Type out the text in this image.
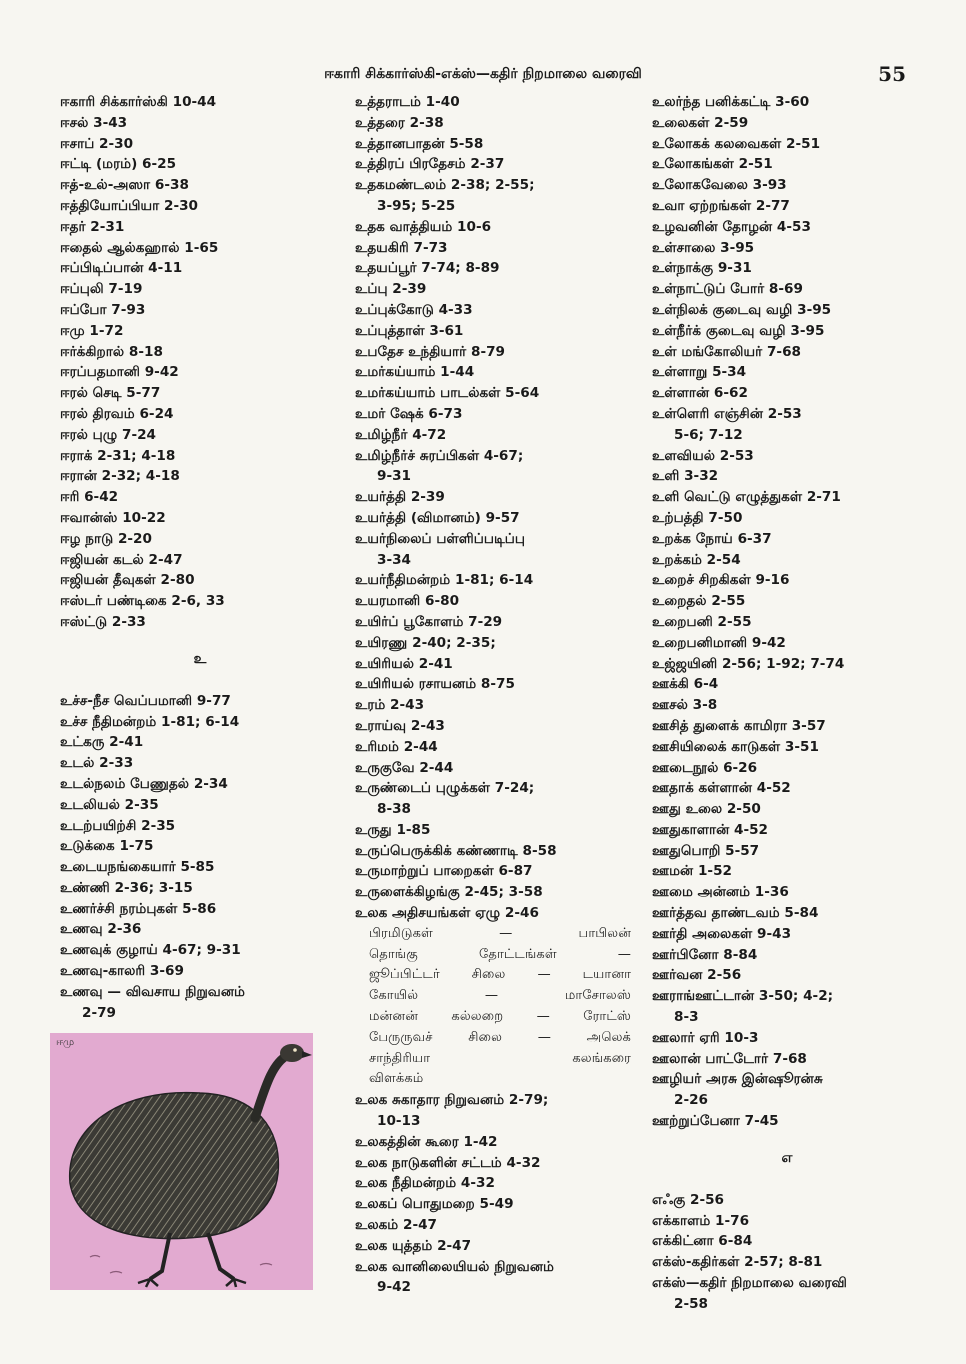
ஈகாரி சிக்கார்ஸ்கி-எக்ஸ்—கதிர் நிறமாலை வரைவி	55

ஈகாரி சிக்கார்ஸ்கி 10-44

ஈசல் 3-43

ஈசாப் 2-30

ஈட்டி (மரம்) 6-25

ஈத்-உல்-அஸா 6-38

ஈத்தியோப்பியா 2-30

ஈதர் 2-31

ஈதைல் ஆல்கஹால் 1-65

ஈப்பிடிப்பான் 4-11

ஈப்புலி 7-19

ஈப்போ 7-93

ஈமு 1-72

ஈர்க்கிறால் 8-18

ஈரப்பதமானி 9-42

ஈரல் செடி 5-77

ஈரல் திரவம் 6-24

ஈரல் புழு 7-24

ஈராக் 2-31; 4-18

ஈரான் 2-32; 4-18

ஈரி 6-42

ஈவான்ஸ் 10-22

ஈழ நாடு 2-20

ஈஜியன் கடல் 2-47

ஈஜியன் தீவுகள் 2-80

ஈஸ்டர் பண்டிகை 2-6, 33

ஈஸ்ட்டு 2-33

உ

உச்ச-நீச வெப்பமானி 9-77

உச்ச நீதிமன்றம் 1-81; 6-14

உட்கரு 2-41

உடல் 2-33

உடல்நலம் பேணுதல் 2-34

உடலியல் 2-35

உடற்பயிற்சி 2-35

உடுக்கை 1-75

உடையநங்கையார் 5-85

உண்ணி 2-36; 3-15

உணர்ச்சி நரம்புகள் 5-86

உணவு 2-36

உணவுக் குழாய் 4-67; 9-31

உணவு-காலரி 3-69

உணவு — விவசாய நிறுவனம்
2-79

ஈமு

உத்தராடம் 1-40

உத்தரை 2-38

உத்தானபாதன் 5-58

உத்திரப் பிரதேசம் 2-37

உதகமண்டலம் 2-38; 2-55;

3-95; 5-25

உதக வாத்தியம் 10-6

உதயகிரி 7-73

உதயப்பூர் 7-74; 8-89

உப்பு 2-39

உப்புக்கோடு 4-33

உப்புத்தாள் 3-61

உபதேச உந்தியார் 8-79

உமர்கய்யாம் 1-44

உமர்கய்யாம் பாடல்கள் 5-64

உமர் ஷேக் 6-73

உமிழ்நீர் 4-72

உமிழ்நீர்ச் சுரப்பிகள் 4-67;

9-31

உயர்த்தி 2-39

உயர்த்தி (விமானம்) 9-57

உயர்நிலைப் பள்ளிப்படிப்பு

3-34

உயர்நீதிமன்றம் 1-81; 6-14

உயரமானி 6-80

உயிர்ப் பூகோளம் 7-29

உயிரணு 2-40; 2-35;

உயிரியல் 2-41

உயிரியல் ரசாயனம் 8-75

உரம் 2-43

உராய்வு 2-43

உரிமம் 2-44

உருகுவே 2-44

உருண்டைப் புழுக்கள் 7-24;

8-38

உருது 1-85

உருப்பெருக்கிக் கண்ணாடி 8-58

உருமாற்றுப் பாறைகள் 6-87

உருளைக்கிழங்கு 2-45; 3-58

உலக அதிசயங்கள் ஏழு 2-46

பிரமிடுகள் — பாபிலன்
தொங்கு தோட்டங்கள் —
ஜூப்பிட்டர் சிலை — டயானா
கோயில் — மாசோலஸ்
மன்னன் கல்லறை — ரோட்ஸ்
பேருருவச் சிலை — அலெக்
சாந்திரியா கலங்கரை
விளக்கம்

உலக சுகாதார நிறுவனம் 2-79;

10-13

உலகத்தின் கூரை 1-42

உலக நாடுகளின் சட்டம் 4-32

உலக நீதிமன்றம் 4-32

உலகப் பொதுமறை 5-49

உலகம் 2-47

உலக யுத்தம் 2-47

உலக வானிலையியல் நிறுவனம்

9-42

உலர்ந்த பனிக்கட்டி 3-60

உலைகள் 2-59

உலோகக் கலவைகள் 2-51

உலோகங்கள் 2-51

உலோகவேலை 3-93

உவா ஏற்றங்கள் 2-77

உழவனின் தோழன் 4-53

உள்சாலை 3-95

உள்நாக்கு 9-31

உள்நாட்டுப் போர் 8-69

உள்நிலக் குடைவு வழி 3-95

உள்நீர்க் குடைவு வழி 3-95

உள் மங்கோலியர் 7-68

உள்ளாறு 5-34

உள்ளான் 6-62

உள்ளெரி எஞ்சின் 2-53

5-6; 7-12

உளவியல் 2-53

உளி 3-32

உளி வெட்டு எழுத்துகள் 2-71

உற்பத்தி 7-50

உறக்க நோய் 6-37

உறக்கம் 2-54

உறைச் சிறகிகள் 9-16

உறைதல் 2-55

உறைபனி 2-55

உறைபனிமானி 9-42

உஜ்ஜயினி 2-56; 1-92; 7-74

ஊக்கி 6-4

ஊசல் 3-8

ஊசித் துளைக் காமிரா 3-57

ஊசியிலைக் காடுகள் 3-51

ஊடைநூல் 6-26

ஊதாக் கள்ளான் 4-52

ஊது உலை 2-50

ஊதுகாளான் 4-52

ஊதுபொறி 5-57

ஊமன் 1-52

ஊமை அன்னம் 1-36

ஊர்த்தவ தாண்டவம் 5-84

ஊர்தி அலைகள் 9-43

ஊர்பினோ 8-84

ஊர்வன 2-56

ஊராங்ஊட்டான் 3-50; 4-2;

8-3

ஊலார் ஏரி 10-3

ஊலான் பாட்டோர் 7-68

ஊழியர் அரசு இன்ஷூரன்சு

2-26

ஊற்றுப்பேனா 7-45

எ

எஃகு 2-56

எக்காளம் 1-76

எக்கிட்னா 6-84

எக்ஸ்-கதிர்கள் 2-57; 8-81

எக்ஸ்—கதிர் நிறமாலை வரைவி

2-58
